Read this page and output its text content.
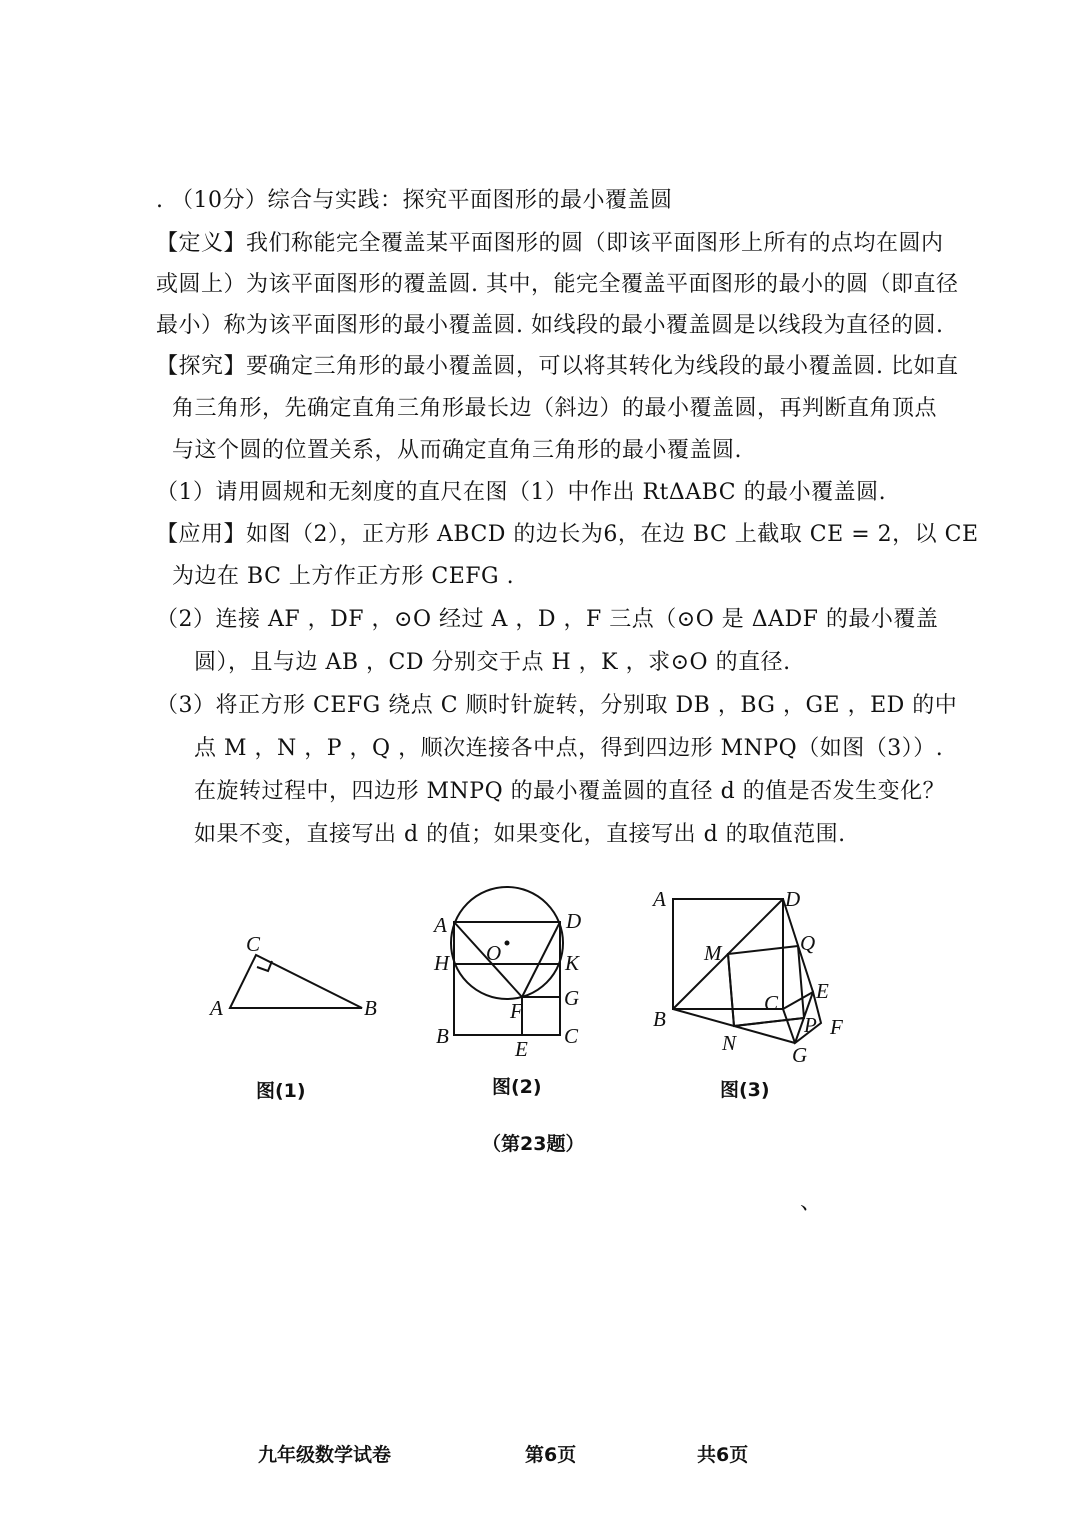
. （10分）综合与实践：探究平面图形的最小覆盖圆
【定义】我们称能完全覆盖某平面图形的圆（即该平面图形上所有的点均在圆内
或圆上）为该平面图形的覆盖圆. 其中，能完全覆盖平面图形的最小的圆（即直径
最小）称为该平面图形的最小覆盖圆. 如线段的最小覆盖圆是以线段为直径的圆.
【探究】要确定三角形的最小覆盖圆，可以将其转化为线段的最小覆盖圆. 比如直
角三角形，先确定直角三角形最长边（斜边）的最小覆盖圆，再判断直角顶点
与这个圆的位置关系，从而确定直角三角形的最小覆盖圆.
（1）请用圆规和无刻度的直尺在图（1）中作出 RtΔABC 的最小覆盖圆.
【应用】如图（2），正方形 ABCD 的边长为6，在边 BC 上截取 CE = 2，以 CE
为边在 BC 上方作正方形 CEFG .
（2）连接 AF ，DF ，⊙O 经过 A ，D ，F 三点（⊙O 是 ΔADF 的最小覆盖
圆），且与边 AB ，CD 分别交于点 H ，K ，求⊙O 的直径.
（3）将正方形 CEFG 绕点 C 顺时针旋转，分别取 DB ，BG ，GE ，ED 的中
点 M ，N ，P ，Q ，顺次连接各中点，得到四边形 MNPQ（如图（3））.
在旋转过程中，四边形 MNPQ 的最小覆盖圆的直径 d 的值是否发生变化？
如果不变，直接写出 d 的值；如果变化，直接写出 d 的取值范围.
A
C
B
图(1)
A	D
O
H	K
G
F
B	C
E
图(2)
A	D
M	Q
C E
P F
B
N	G
图(3)
（第23题）
、
九年级数学试卷	第6页	共6页
